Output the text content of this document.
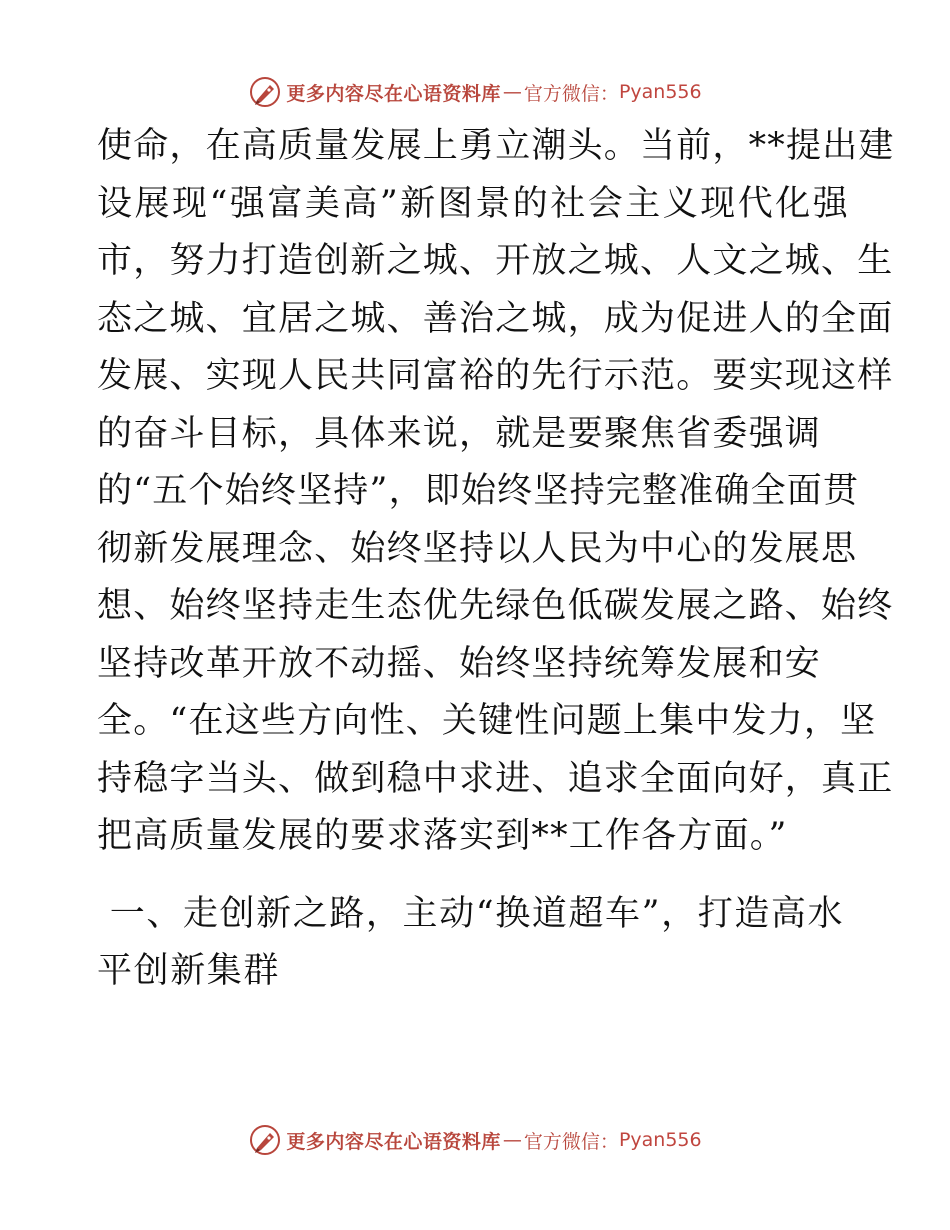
更多内容尽在心语资料库 — 官方微信： Pyan556
使命，在高质量发展上勇立潮头。当前，**提出建
设展现“强富美高”新图景的社会主义现代化强
市，努力打造创新之城、开放之城、人文之城、生
态之城、宜居之城、善治之城，成为促进人的全面
发展、实现人民共同富裕的先行示范。要实现这样
的奋斗目标，具体来说，就是要聚焦省委强调
的“五个始终坚持”，即始终坚持完整准确全面贯
彻新发展理念、始终坚持以人民为中心的发展思
想、始终坚持走生态优先绿色低碳发展之路、始终
坚持改革开放不动摇、始终坚持统筹发展和安
全。“在这些方向性、关键性问题上集中发力，坚
持稳字当头、做到稳中求进、追求全面向好，真正
把高质量发展的要求落实到**工作各方面。”
一、走创新之路，主动“换道超车”，打造高水
平创新集群
更多内容尽在心语资料库 — 官方微信： Pyan556
